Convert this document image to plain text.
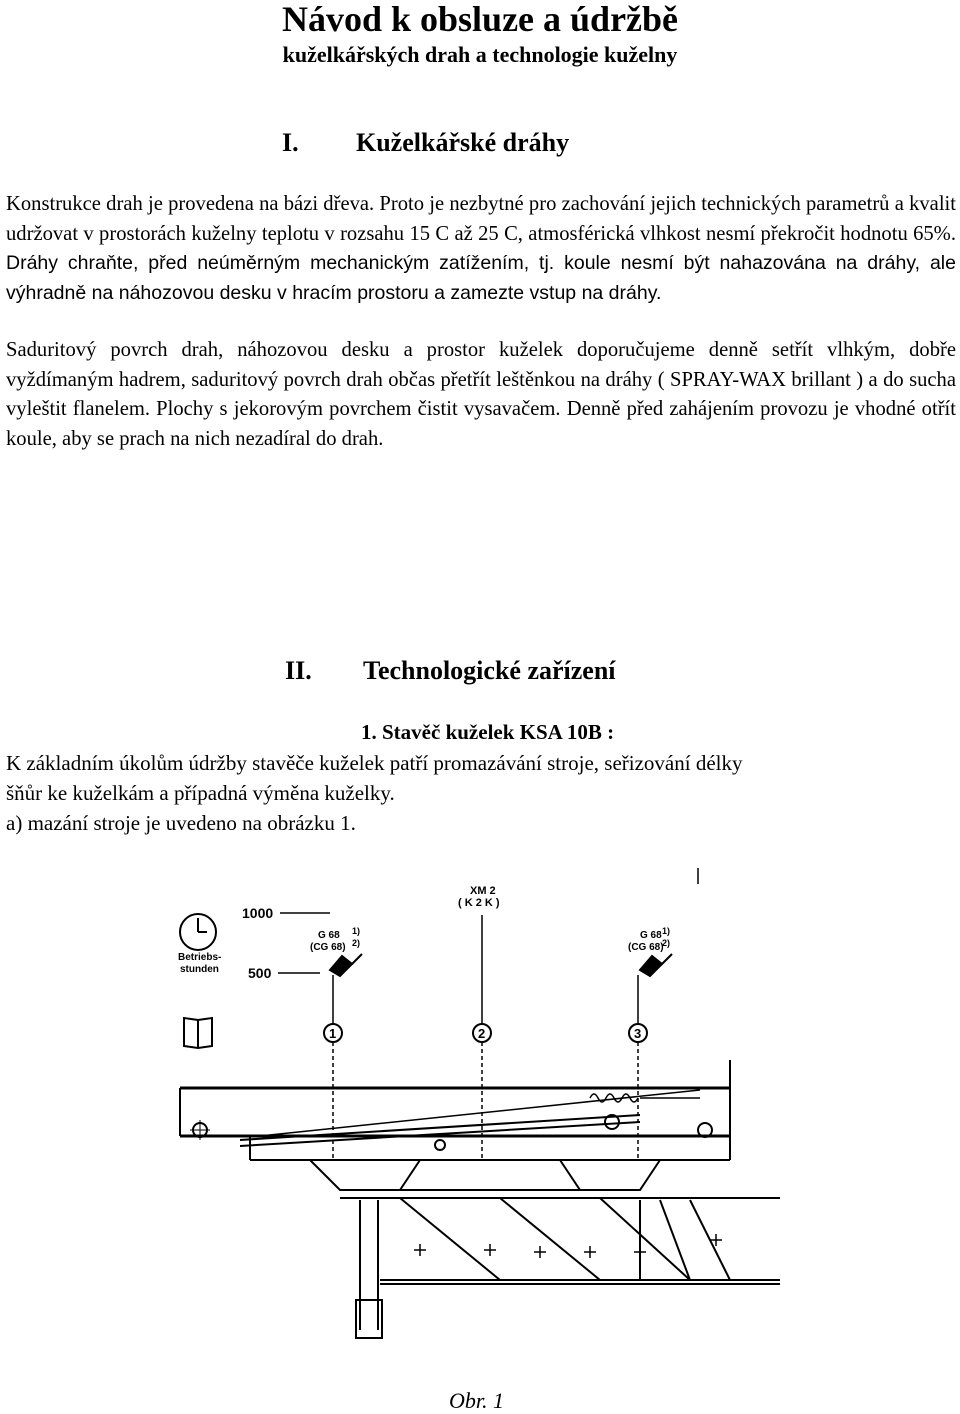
Návod k obsluze a údržbě
kuželkářských drah a technologie kuželny
I. Kuželkářské dráhy

Konstrukce drah je provedena na bázi dřeva. Proto je nezbytné pro zachování jejich technických parametrů a kvalit udržovat v prostorách kuželny teplotu v rozsahu 15 C až 25 C, atmosférická vlhkost nesmí překročit hodnotu 65%. Dráhy chraňte, před neúměrným mechanickým zatížením, tj. koule nesmí být nahazována na dráhy, ale výhradně na náhozovou desku v hracím prostoru a zamezte vstup na dráhy.

Saduritový povrch drah, náhozovou desku a prostor kuželek doporučujeme denně setřít vlhkým, dobře vyždímaným hadrem, saduritový povrch drah občas přetřít leštěnkou na dráhy ( SPRAY-WAX brillant ) a do sucha vyleštit flanelem. Plochy s jekorovým povrchem čistit vysavačem. Denně před zahájením provozu je vhodné otřít koule, aby se prach na nich nezadíral do drah.

II. Technologické zařízení
1. Stavěč kuželek KSA 10B :
K základním úkolům údržby stavěče kuželek patří promazávání stroje, seřizování délky
šňůr ke kuželkám a případná výměna kuželky.
a) mazání stroje je uvedeno na obrázku 1.
Betriebs-
stunden
1000
500
XM 2
( K 2 K )
G 68
(CG 68)
1)
2)
G 68
(CG 68)
1)
2)
1	2	3
Obr. 1
